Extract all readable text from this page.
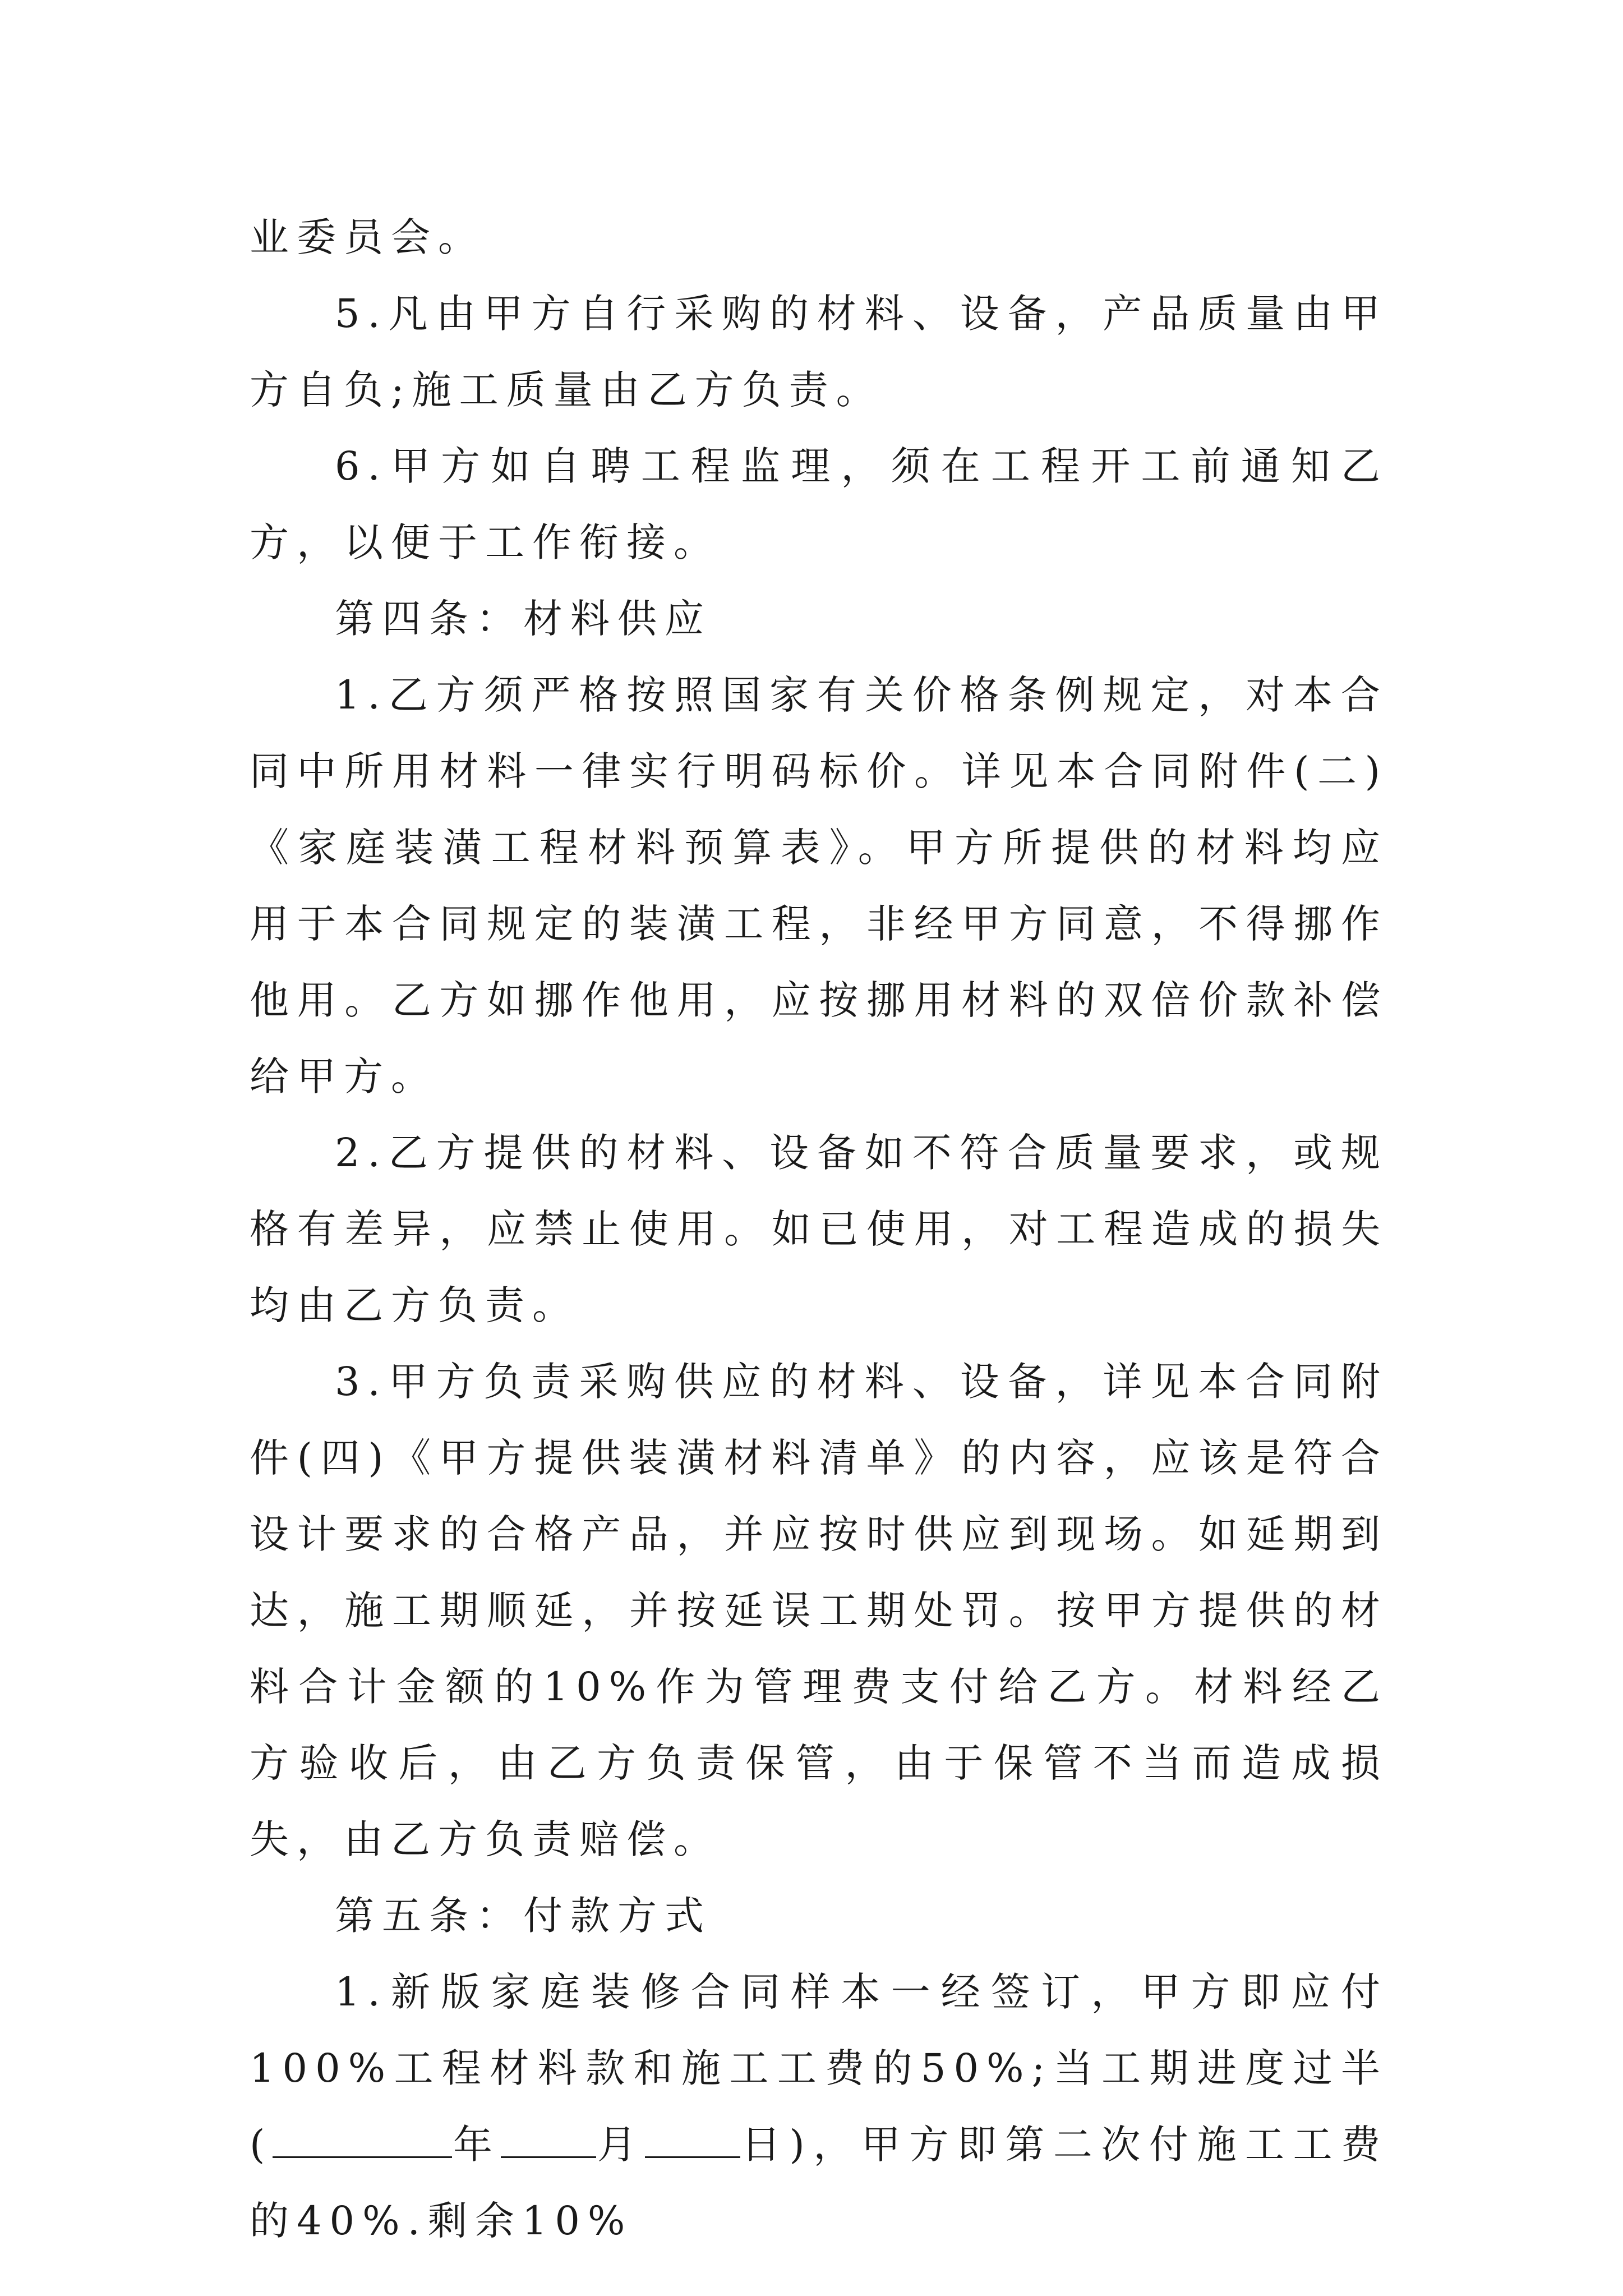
业委员会。

5.凡由甲方自行采购的材料、设备，产品质量由甲方自负;施工质量由乙方负责。

6.甲方如自聘工程监理，须在工程开工前通知乙方，以便于工作衔接。

第四条：材料供应

1.乙方须严格按照国家有关价格条例规定，对本合同中所用材料一律实行明码标价。详见本合同附件(二)《家庭装潢工程材料预算表》。甲方所提供的材料均应用于本合同规定的装潢工程，非经甲方同意，不得挪作他用。乙方如挪作他用，应按挪用材料的双倍价款补偿给甲方。

2.乙方提供的材料、设备如不符合质量要求，或规格有差异，应禁止使用。如已使用，对工程造成的损失均由乙方负责。

3.甲方负责采购供应的材料、设备，详见本合同附件(四)《甲方提供装潢材料清单》的内容，应该是符合设计要求的合格产品，并应按时供应到现场。如延期到达，施工期顺延，并按延误工期处罚。按甲方提供的材料合计金额的10%作为管理费支付给乙方。材料经乙方验收后，由乙方负责保管，由于保管不当而造成损失，由乙方负责赔偿。

第五条：付款方式

1.新版家庭装修合同样本一经签订，甲方即应付100%工程材料款和施工工费的50%;当工期进度过半(	年 月 日)，甲方即第二次付施工工费的40%.剩余10%
